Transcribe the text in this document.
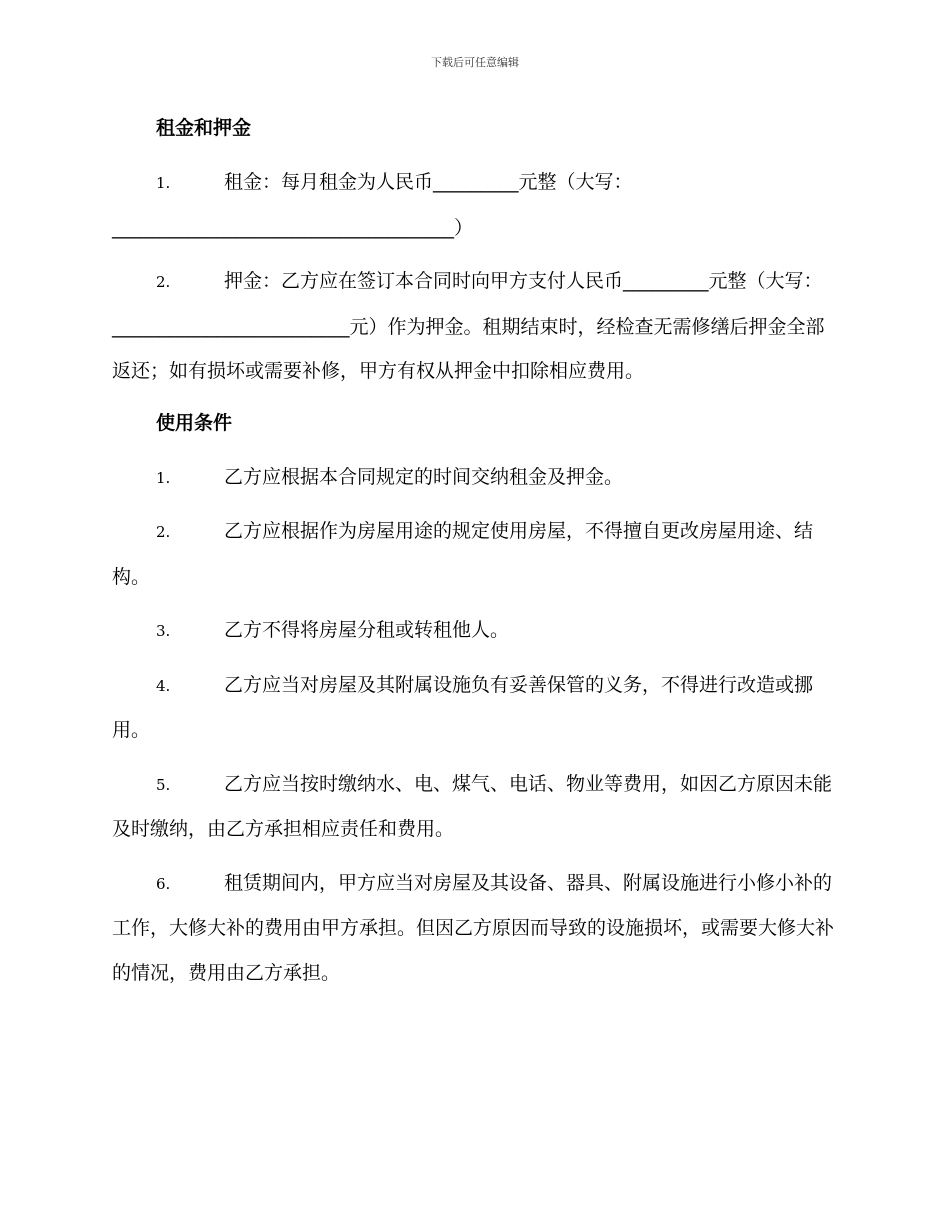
下载后可任意编辑
租金和押金
1.	租金：每月租金为人民币_________元整（大写：____________________________________）
2.	押金：乙方应在签订本合同时向甲方支付人民币_________元整（大写：_________________________元）作为押金。租期结束时，经检查无需修缮后押金全部返还；如有损坏或需要补修，甲方有权从押金中扣除相应费用。
使用条件
1.	乙方应根据本合同规定的时间交纳租金及押金。
2.	乙方应根据作为房屋用途的规定使用房屋，不得擅自更改房屋用途、结构。
3.	乙方不得将房屋分租或转租他人。
4.	乙方应当对房屋及其附属设施负有妥善保管的义务，不得进行改造或挪用。
5.	乙方应当按时缴纳水、电、煤气、电话、物业等费用，如因乙方原因未能及时缴纳，由乙方承担相应责任和费用。
6.	租赁期间内，甲方应当对房屋及其设备、器具、附属设施进行小修小补的工作，大修大补的费用由甲方承担。但因乙方原因而导致的设施损坏，或需要大修大补的情况，费用由乙方承担。
